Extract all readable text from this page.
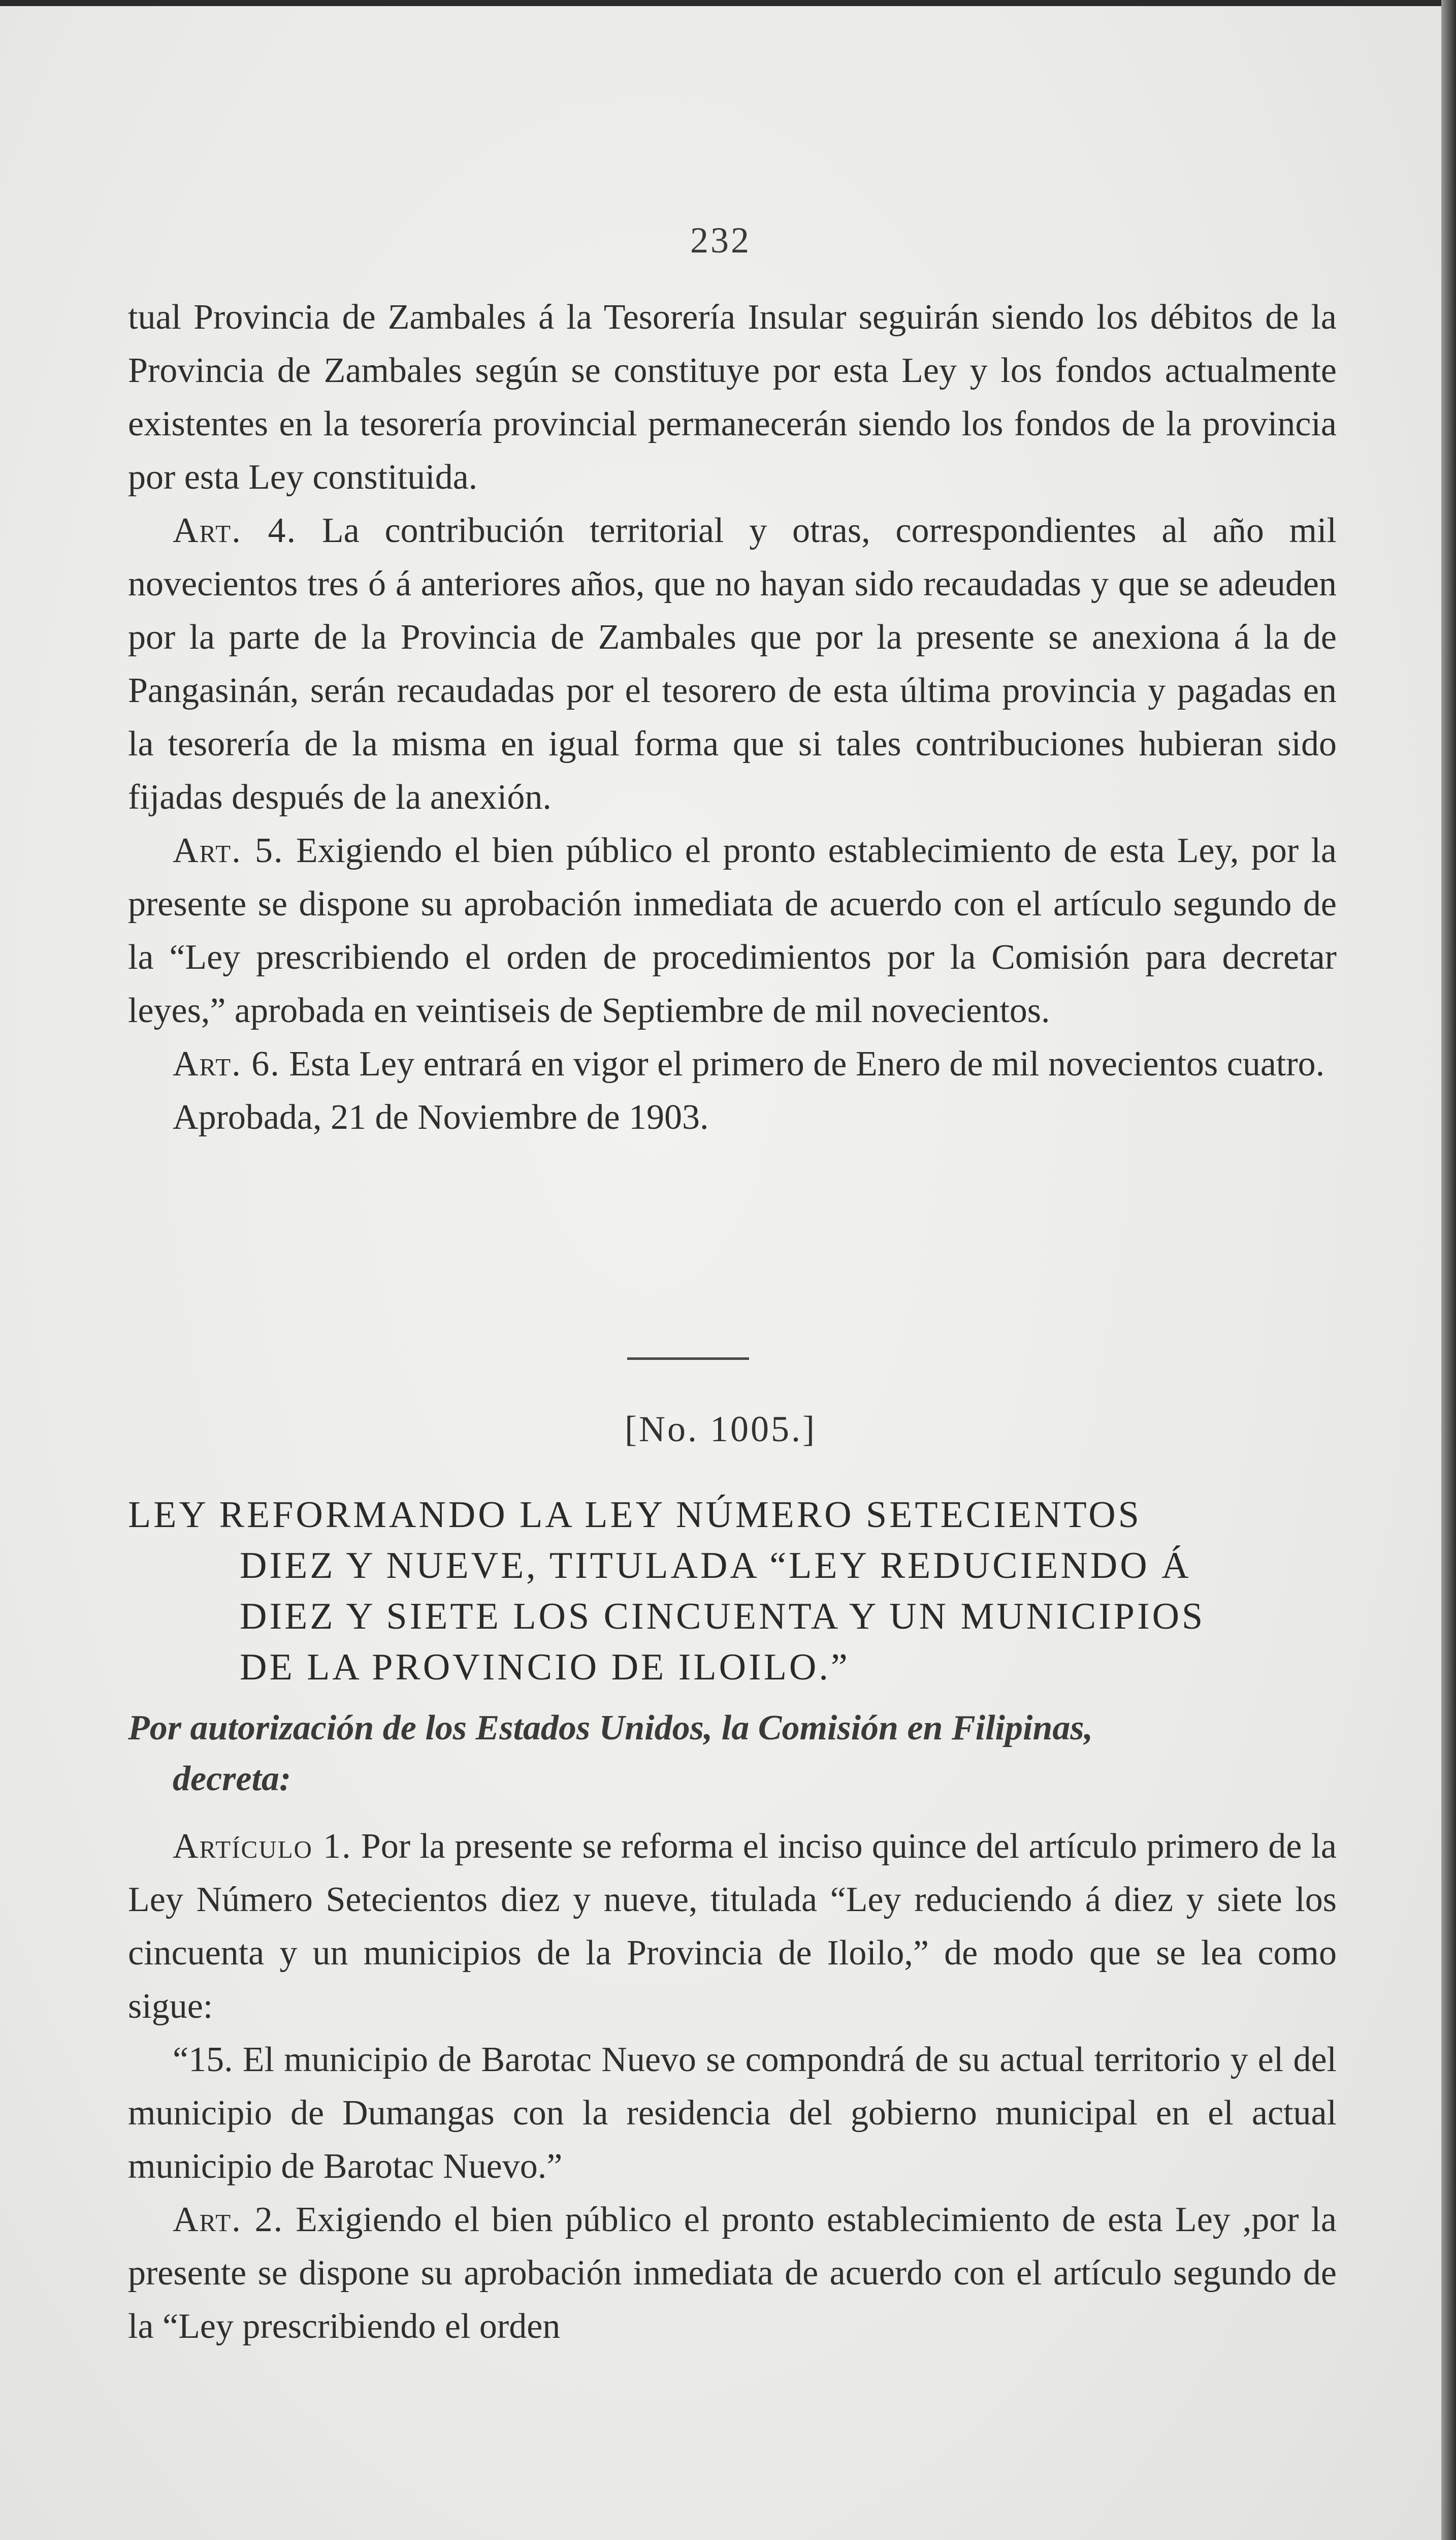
232

tual Provincia de Zambales á la Tesorería Insular seguirán siendo los débitos de la Provincia de Zambales según se constituye por esta Ley y los fondos actualmente existentes en la tesorería provincial permanecerán siendo los fondos de la provincia por esta Ley constituida.

Art. 4. La contribución territorial y otras, correspondientes al año mil novecientos tres ó á anteriores años, que no hayan sido recaudadas y que se adeuden por la parte de la Provincia de Zambales que por la presente se anexiona á la de Pangasinán, serán recaudadas por el tesorero de esta última provincia y pagadas en la tesorería de la misma en igual forma que si tales contribuciones hubieran sido fijadas después de la anexión.

Art. 5. Exigiendo el bien público el pronto establecimiento de esta Ley, por la presente se dispone su aprobación inmediata de acuerdo con el artículo segundo de la “Ley prescribiendo el orden de procedimientos por la Comisión para decretar leyes,” aprobada en veintiseis de Septiembre de mil novecientos.

Art. 6. Esta Ley entrará en vigor el primero de Enero de mil novecientos cuatro.

Aprobada, 21 de Noviembre de 1903.

[No. 1005.]
LEY REFORMANDO LA LEY NÚMERO SETECIENTOS
DIEZ Y NUEVE, TITULADA “LEY REDUCIENDO Á
DIEZ Y SIETE LOS CINCUENTA Y UN MUNICIPIOS
DE LA PROVINCIO DE ILOILO.”
Por autorización de los Estados Unidos, la Comisión en Filipinas,
decreta:

Artículo 1. Por la presente se reforma el inciso quince del artículo primero de la Ley Número Setecientos diez y nueve, titulada “Ley reduciendo á diez y siete los cincuenta y un municipios de la Provincia de Iloilo,” de modo que se lea como sigue:

“15. El municipio de Barotac Nuevo se compondrá de su actual territorio y el del municipio de Dumangas con la residencia del gobierno municipal en el actual municipio de Barotac Nuevo.”

Art. 2. Exigiendo el bien público el pronto establecimiento de esta Ley ,por la presente se dispone su aprobación inmediata de acuerdo con el artículo segundo de la “Ley prescribiendo el orden
